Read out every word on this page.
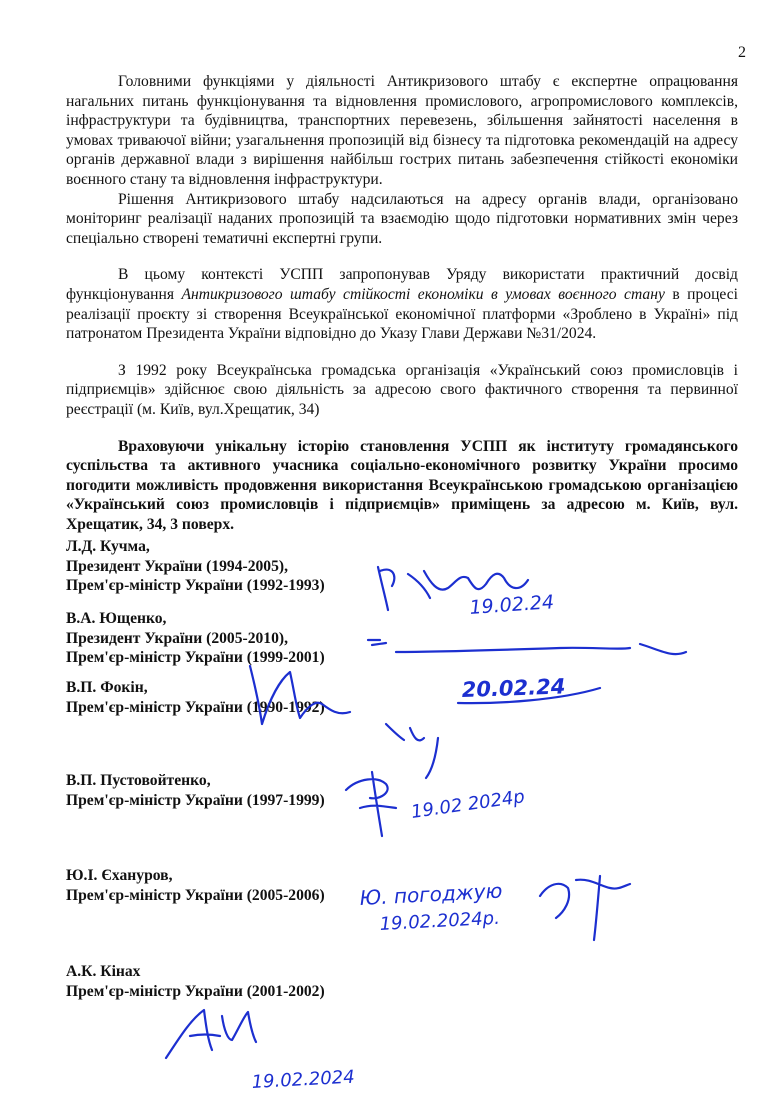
2

Головними функціями у діяльності Антикризового штабу є експертне опрацювання нагальних питань функціонування та відновлення промислового, агропромислового комплексів, інфраструктури та будівництва, транспортних перевезень, збільшення зайнятості населення в умовах триваючої війни; узагальнення пропозицій від бізнесу та підготовка рекомендацій на адресу органів державної влади з вирішення найбільш гострих питань забезпечення стійкості економіки воєнного стану та відновлення інфраструктури.

Рішення Антикризового штабу надсилаються на адресу органів влади, організовано моніторинг реалізації наданих пропозицій та взаємодію щодо підготовки нормативних змін через спеціально створені тематичні експертні групи.

В цьому контексті УСПП запропонував Уряду використати практичний досвід функціонування Антикризового штабу стійкості економіки в умовах воєнного стану в процесі реалізації проєкту зі створення Всеукраїнської економічної платформи «Зроблено в Україні» під патронатом Президента України відповідно до Указу Глави Держави №31/2024.

З 1992 року Всеукраїнська громадська організація «Український союз промисловців і підприємців» здійснює свою діяльність за адресою свого фактичного створення та первинної реєстрації (м. Київ, вул.Хрещатик, 34)

Враховуючи унікальну історію становлення УСПП як інституту громадянського суспільства та активного учасника соціально-економічного розвитку України просимо погодити можливість продовження використання Всеукраїнською громадською організацією «Український союз промисловців і підприємців» приміщень за адресою м. Київ, вул. Хрещатик, 34, 3 поверх.

Л.Д. Кучма,
Президент України (1994-2005),
Прем'єр-міністр України (1992-1993)
В.А. Ющенко,
Президент України (2005-2010),
Прем'єр-міністр України (1999-2001)
В.П. Фокін,
Прем'єр-міністр України (1990-1992)
В.П. Пустовойтенко,
Прем'єр-міністр України (1997-1999)
Ю.І. Єхануров,
Прем'єр-міністр України (2005-2006)
А.К. Кінах
Прем'єр-міністр України (2001-2002)
19.02.24
20.02.24
19.02 2024р
Ю. погоджую
19.02.2024р.
19.02.2024
